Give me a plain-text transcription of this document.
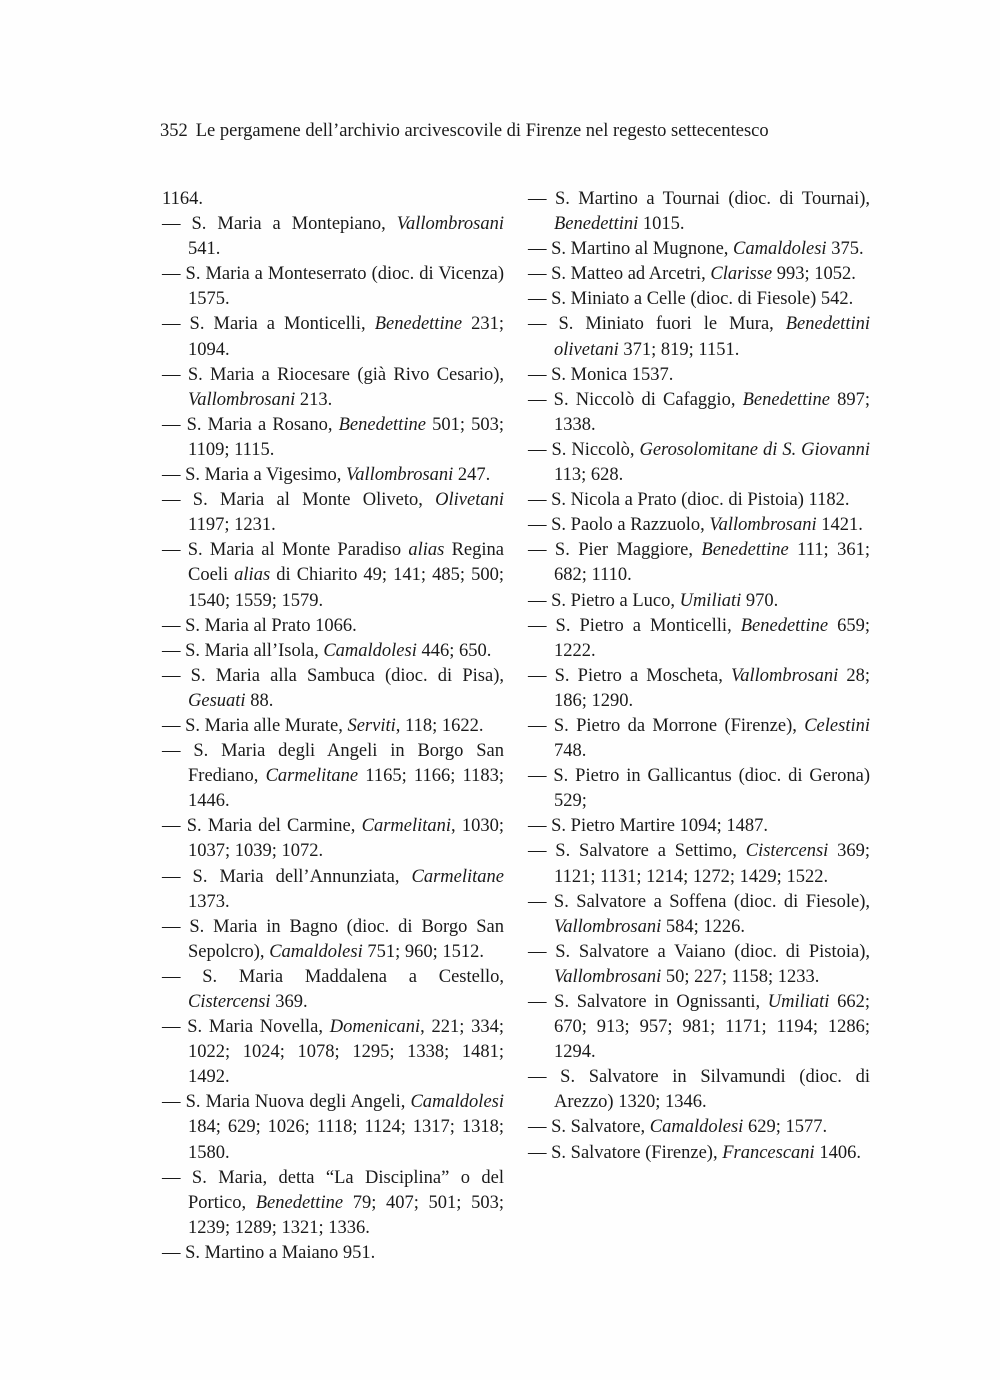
352 Le pergamene dell’archivio arcivescovile di Firenze nel regesto settecentesco

1164.

— S. Maria a Montepiano, Vallombrosani 541.

— S. Maria a Monteserrato (dioc. di Vicenza) 1575.

— S. Maria a Monticelli, Benedettine 231; 1094.

— S. Maria a Riocesare (già Rivo Cesario), Vallombrosani 213.

— S. Maria a Rosano, Benedettine 501; 503; 1109; 1115.

— S. Maria a Vigesimo, Vallombrosani 247.

— S. Maria al Monte Oliveto, Olivetani 1197; 1231.

— S. Maria al Monte Paradiso alias Regina Coeli alias di Chiarito 49; 141; 485; 500; 1540; 1559; 1579.

— S. Maria al Prato 1066.

— S. Maria all’Isola, Camaldolesi 446; 650.

— S. Maria alla Sambuca (dioc. di Pisa), Gesuati 88.

— S. Maria alle Murate, Serviti, 118; 1622.

— S. Maria degli Angeli in Borgo San Frediano, Carmelitane 1165; 1166; 1183; 1446.

— S. Maria del Carmine, Carmelitani, 1030; 1037; 1039; 1072.

— S. Maria dell’Annunziata, Carmelitane 1373.

— S. Maria in Bagno (dioc. di Borgo San Sepolcro), Camaldolesi 751; 960; 1512.

— S. Maria Maddalena a Cestello, Cistercensi 369.

— S. Maria Novella, Domenicani, 221; 334; 1022; 1024; 1078; 1295; 1338; 1481; 1492.

— S. Maria Nuova degli Angeli, Camaldolesi 184; 629; 1026; 1118; 1124; 1317; 1318; 1580.

— S. Maria, detta “La Disciplina” o del Portico, Benedettine 79; 407; 501; 503; 1239; 1289; 1321; 1336.

— S. Martino a Maiano 951.

— S. Martino a Tournai (dioc. di Tournai), Benedettini 1015.

— S. Martino al Mugnone, Camaldolesi 375.

— S. Matteo ad Arcetri, Clarisse 993; 1052.

— S. Miniato a Celle (dioc. di Fiesole) 542.

— S. Miniato fuori le Mura, Benedettini olivetani 371; 819; 1151.

— S. Monica 1537.

— S. Niccolò di Cafaggio, Benedettine 897; 1338.

— S. Niccolò, Gerosolomitane di S. Giovanni 113; 628.

— S. Nicola a Prato (dioc. di Pistoia) 1182.

— S. Paolo a Razzuolo, Vallombrosani 1421.

— S. Pier Maggiore, Benedettine 111; 361; 682; 1110.

— S. Pietro a Luco, Umiliati 970.

— S. Pietro a Monticelli, Benedettine 659; 1222.

— S. Pietro a Moscheta, Vallombrosani 28; 186; 1290.

— S. Pietro da Morrone (Firenze), Celestini 748.

— S. Pietro in Gallicantus (dioc. di Gerona) 529;

— S. Pietro Martire 1094; 1487.

— S. Salvatore a Settimo, Cistercensi 369; 1121; 1131; 1214; 1272; 1429; 1522.

— S. Salvatore a Soffena (dioc. di Fiesole), Vallombrosani 584; 1226.

— S. Salvatore a Vaiano (dioc. di Pistoia), Vallombrosani 50; 227; 1158; 1233.

— S. Salvatore in Ognissanti, Umiliati 662; 670; 913; 957; 981; 1171; 1194; 1286; 1294.

— S. Salvatore in Silvamundi (dioc. di Arezzo) 1320; 1346.

— S. Salvatore, Camaldolesi 629; 1577.

— S. Salvatore (Firenze), Francescani 1406.
